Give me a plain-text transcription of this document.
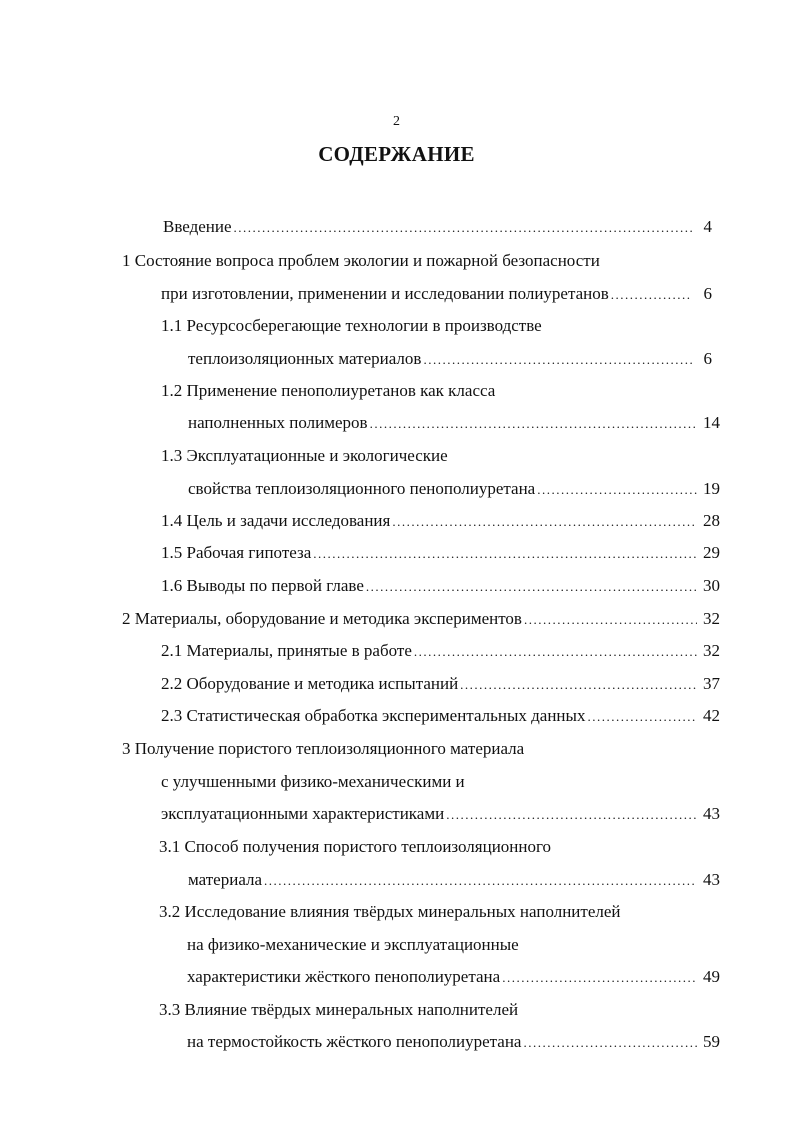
2
СОДЕРЖАНИЕ
Введение .....	4
1 Состояние вопроса проблем экологии и пожарной безопасности
при изготовлении, применении и исследовании полиуретанов .....	6
1.1 Ресурсосберегающие технологии в производстве
теплоизоляционных материалов .....	6
1.2 Применение пенополиуретанов как класса
наполненных полимеров .....	14
1.3 Эксплуатационные и экологические
свойства теплоизоляционного пенополиуретана .....	19
1.4 Цель и задачи исследования .....	28
1.5 Рабочая гипотеза .....	29
1.6 Выводы по первой главе .....	30
2 Материалы, оборудование и методика экспериментов .....	32
2.1 Материалы, принятые в работе .....	32
2.2 Оборудование и методика испытаний .....	37
2.3 Статистическая обработка экспериментальных данных .....	42
3 Получение пористого теплоизоляционного материала
с улучшенными физико-механическими и
эксплуатационными характеристиками .....	43
3.1 Способ получения пористого теплоизоляционного
материала .....	43
3.2 Исследование влияния твёрдых минеральных наполнителей
на физико-механические и эксплуатационные
характеристики жёсткого пенополиуретана .....	49
3.3 Влияние твёрдых минеральных наполнителей
на термостойкость жёсткого пенополиуретана .....	59
